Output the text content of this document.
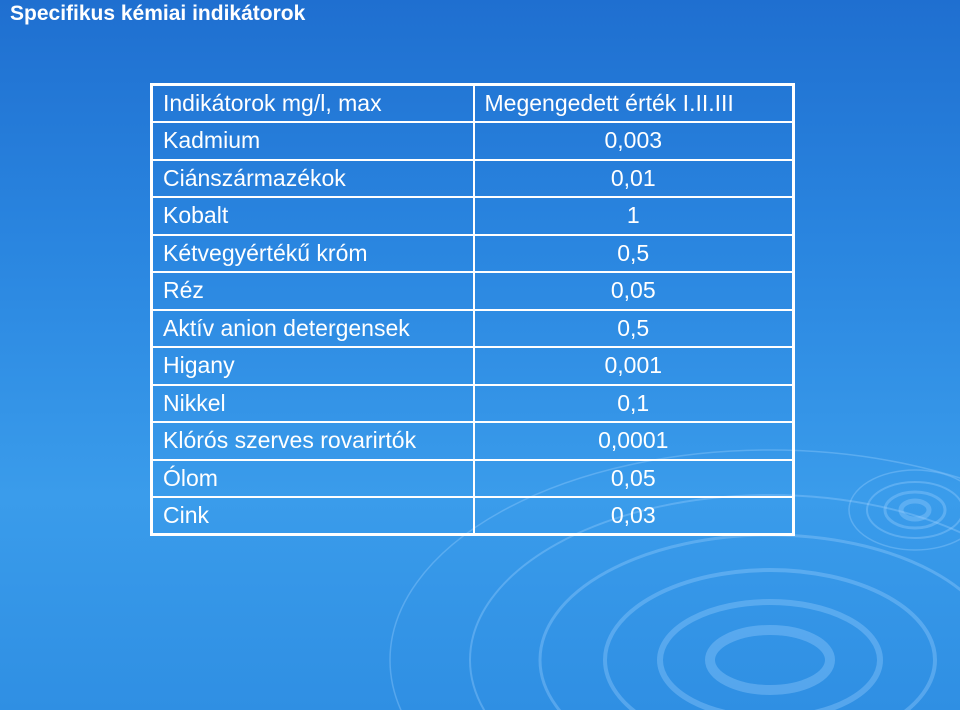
Specifikus kémiai indikátorok
Indikátorok mg/l, max	Megengedett érték I.II.III
Kadmium	0,003
Ciánszármazékok	0,01
Kobalt	1
Kétvegyértékű króm	0,5
Réz	0,05
Aktív anion detergensek	0,5
Higany	0,001
Nikkel	0,1
Klórós szerves rovarirtók	0,0001
Ólom	0,05
Cink	0,03
